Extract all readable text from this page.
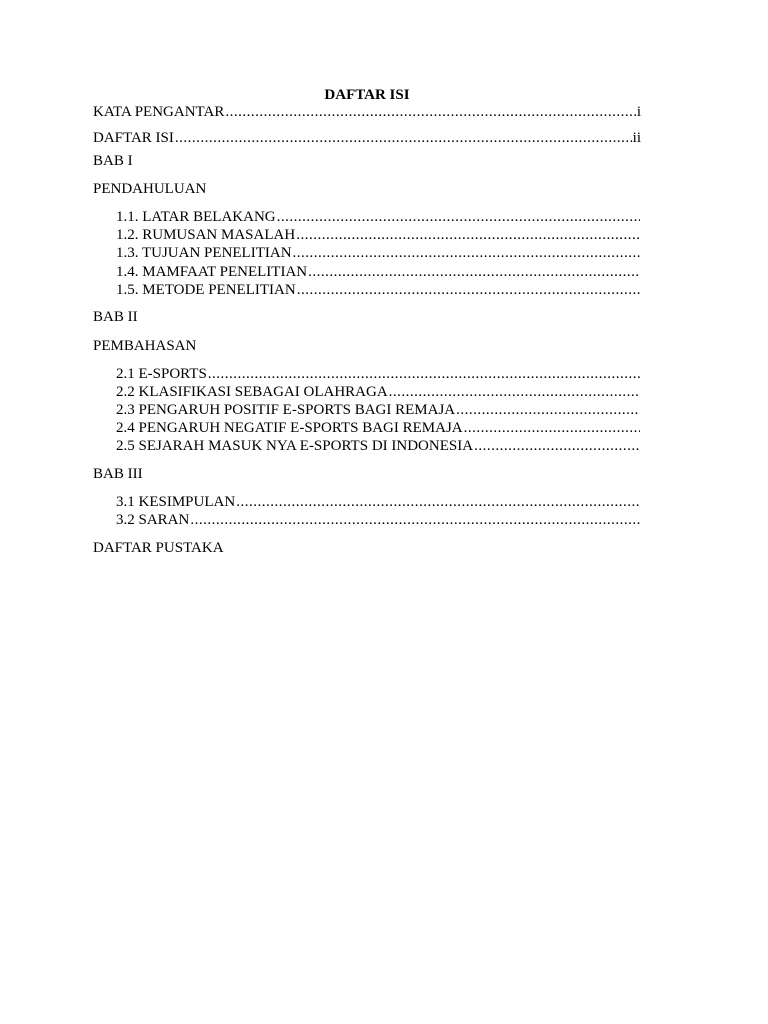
DAFTAR ISI
KATA PENGANTAR .....	i
DAFTAR ISI .....	ii
BAB I
PENDAHULUAN
1.1. LATAR BELAKANG
.....
1.2. RUMUSAN MASALAH
.....
1.3. TUJUAN PENELITIAN
.....
1.4. MAMFAAT PENELITIAN
.....
1.5. METODE PENELITIAN
.....
BAB II
PEMBAHASAN
2.1 E-SPORTS
.....
2.2 KLASIFIKASI SEBAGAI OLAHRAGA
.....
2.3 PENGARUH POSITIF E-SPORTS BAGI REMAJA
.....
2.4 PENGARUH NEGATIF E-SPORTS BAGI REMAJA
.....
2.5 SEJARAH MASUK NYA E-SPORTS DI INDONESIA
.....
BAB III
3.1 KESIMPULAN
.....
3.2 SARAN
.....
DAFTAR PUSTAKA
